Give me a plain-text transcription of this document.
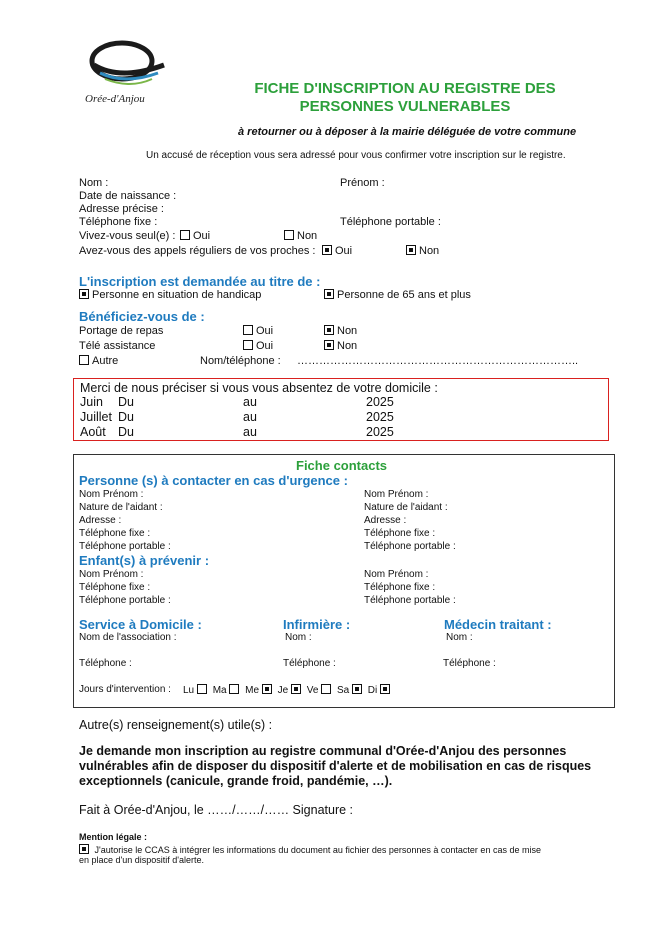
Orée-d'Anjou
FICHE D'INSCRIPTION AU REGISTRE DES
PERSONNES VULNERABLES
à retourner ou à déposer à la mairie déléguée de votre commune
Un accusé de réception vous sera adressé pour vous confirmer votre inscription sur le registre.
Nom :	Prénom :
Date de naissance :
Adresse précise :
Téléphone fixe :	Téléphone portable :
Vivez-vous seul(e) :	Oui	Non
Avez-vous des appels réguliers de vos proches :	Oui	Non
L'inscription est demandée au titre de :
Personne en situation de handicap	Personne de 65 ans et plus
Bénéficiez-vous de :
Portage de repas	Oui	Non
Télé assistance	Oui	Non
Autre	Nom/téléphone : …………………………………………………………………..
Merci de nous préciser si vous vous absentez de votre domicile :
Juin Du	au	2025
Juillet Du	au	2025
Août Du	au	2025
Fiche contacts
Personne (s) à contacter en cas d'urgence :
Nom Prénom :
Nature de l'aidant :
Adresse :
Téléphone fixe :
Téléphone portable :
Nom Prénom :
Nature de l'aidant :
Adresse :
Téléphone fixe :
Téléphone portable :
Enfant(s) à prévenir :
Nom Prénom :
Téléphone fixe :
Téléphone portable :
Nom Prénom :
Téléphone fixe :
Téléphone portable :
Service à Domicile :	Infirmière :	Médecin traitant :
Nom de l'association :	Nom :	Nom :
Téléphone :	Téléphone :	Téléphone :
Jours d'intervention : Lu Ma Me Je Ve Sa Di
Autre(s) renseignement(s) utile(s) :
Je demande mon inscription au registre communal d'Orée-d'Anjou des personnes
vulnérables afin de disposer du dispositif d'alerte et de mobilisation en cas de risques
exceptionnels (canicule, grande froid, pandémie, …).
Fait à Orée-d'Anjou, le ……/……/…… Signature :
Mention légale :
J'autorise le CCAS à intégrer les informations du document au fichier des personnes à contacter en cas de mise
en place d'un dispositif d'alerte.
